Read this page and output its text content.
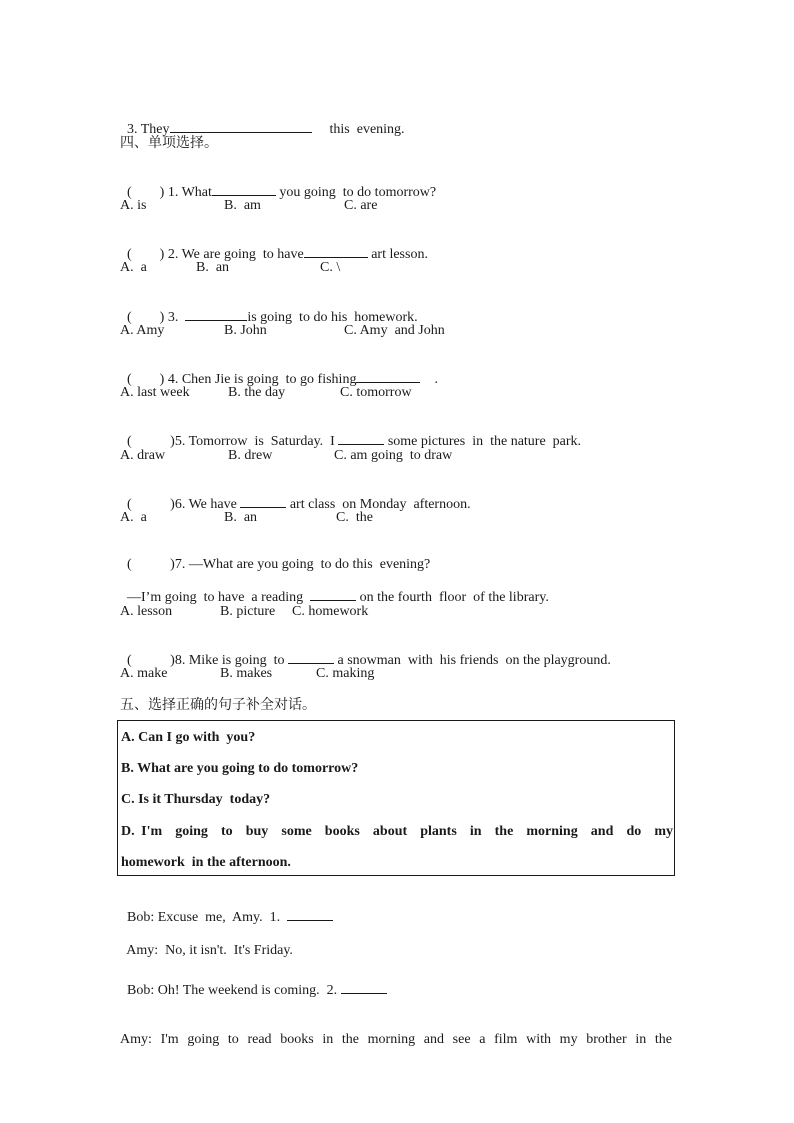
3. They	this  evening.

四、单项选择。

(        ) 1. What	you going  to do tomorrow?

A. is	B.  am	C. are

(        ) 2. We are going  to have	art lesson.

A.  a	B.  an	C. \

(        ) 3.	is going  to do his  homework.

A. Amy	B. John	C. Amy  and John

(        ) 4. Chen Jie is going  to go fishing	.

A. last week	B. the day	C. tomorrow

(           )5. Tomorrow  is  Saturday.  I	some pictures  in  the nature  park.

A. draw	B. drew	C. am going  to draw

(           )6. We have	art class  on Monday  afternoon.

A.  a	B.  an	C.  the

(           )7. —What are you going  to do this  evening?

—I’m going  to have  a reading	on the fourth  floor  of the library.

A. lesson	B. picture C. homework

(           )8. Mike is going  to	a snowman  with  his friends  on the playground.

A. make	B. makes	C. making
五、选择正确的句子补全对话。
A. Can I go with  you?
B. What are you going to do tomorrow?
C. Is it Thursday  today?
D. I'm  going  to  buy  some  books  about  plants  in  the  morning  and  do  my
homework  in the afternoon.

Bob: Excuse  me,  Amy.  1.

Amy: No, it isn't.  It's Friday.

Bob: Oh! The weekend is coming.  2.

Amy: I'm going to read books in the morning and see a film with my brother in the
